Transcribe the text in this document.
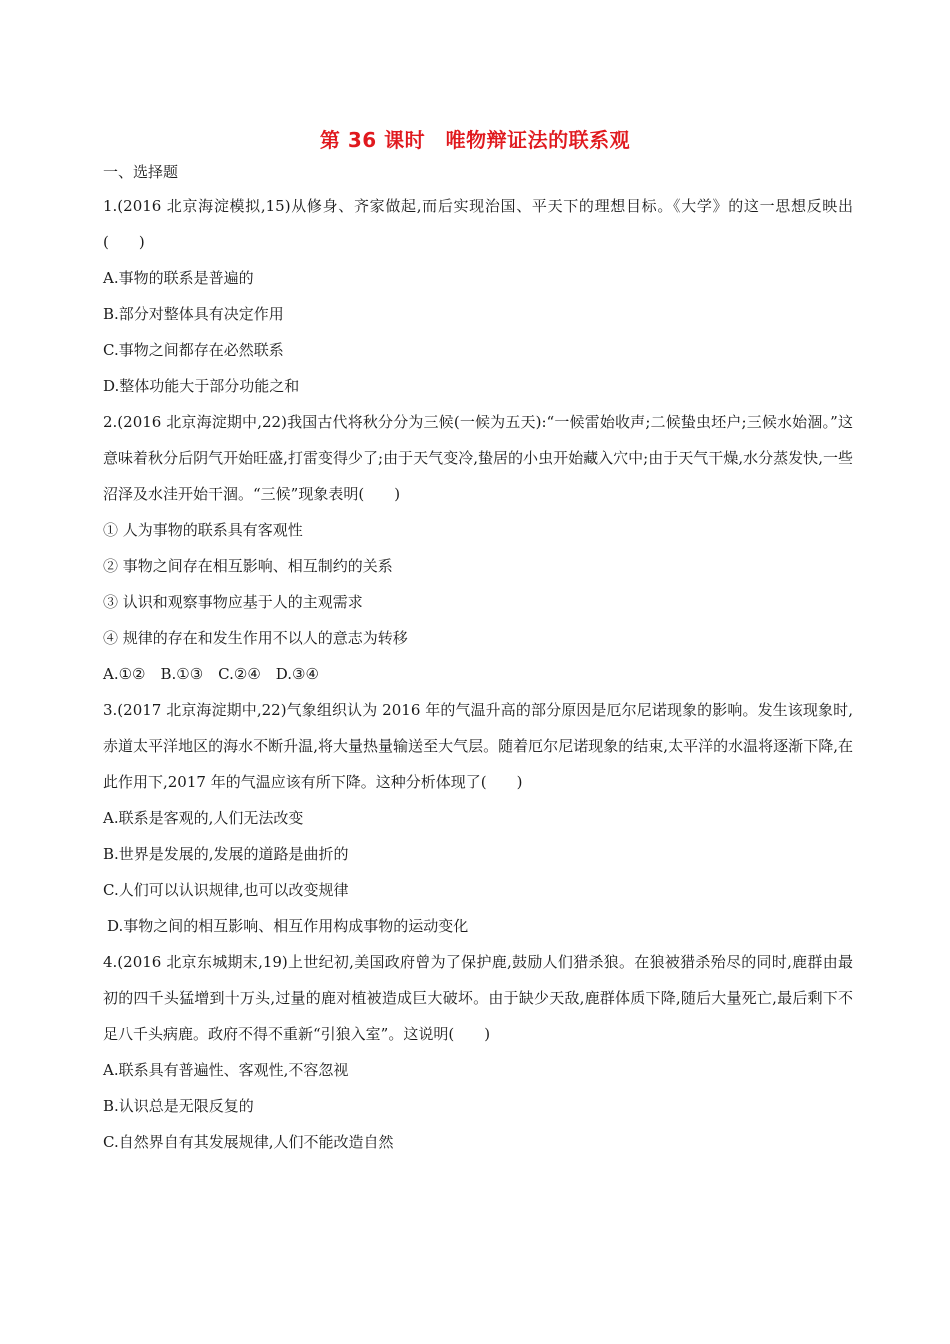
第 36 课时　唯物辩证法的联系观
一、选择题
1.(2016 北京海淀模拟,15)从修身、齐家做起,而后实现治国、平天下的理想目标。《大学》的这一思想反映出(　　)
A.事物的联系是普遍的
B.部分对整体具有决定作用
C.事物之间都存在必然联系
D.整体功能大于部分功能之和
2.(2016 北京海淀期中,22)我国古代将秋分分为三候(一候为五天):“一候雷始收声;二候蛰虫坯户;三候水始涸。”这意味着秋分后阴气开始旺盛,打雷变得少了;由于天气变冷,蛰居的小虫开始藏入穴中;由于天气干燥,水分蒸发快,一些沼泽及水洼开始干涸。“三候”现象表明(　　)
① 人为事物的联系具有客观性
② 事物之间存在相互影响、相互制约的关系
③ 认识和观察事物应基于人的主观需求
④ 规律的存在和发生作用不以人的意志为转移
A.①②　B.①③　C.②④　D.③④
3.(2017 北京海淀期中,22)气象组织认为 2016 年的气温升高的部分原因是厄尔尼诺现象的影响。发生该现象时,赤道太平洋地区的海水不断升温,将大量热量输送至大气层。随着厄尔尼诺现象的结束,太平洋的水温将逐渐下降,在此作用下,2017 年的气温应该有所下降。这种分析体现了(　　)
A.联系是客观的,人们无法改变
B.世界是发展的,发展的道路是曲折的
C.人们可以认识规律,也可以改变规律
D.事物之间的相互影响、相互作用构成事物的运动变化
4.(2016 北京东城期末,19)上世纪初,美国政府曾为了保护鹿,鼓励人们猎杀狼。在狼被猎杀殆尽的同时,鹿群由最初的四千头猛增到十万头,过量的鹿对植被造成巨大破坏。由于缺少天敌,鹿群体质下降,随后大量死亡,最后剩下不足八千头病鹿。政府不得不重新“引狼入室”。这说明(　　)
A.联系具有普遍性、客观性,不容忽视
B.认识总是无限反复的
C.自然界自有其发展规律,人们不能改造自然
